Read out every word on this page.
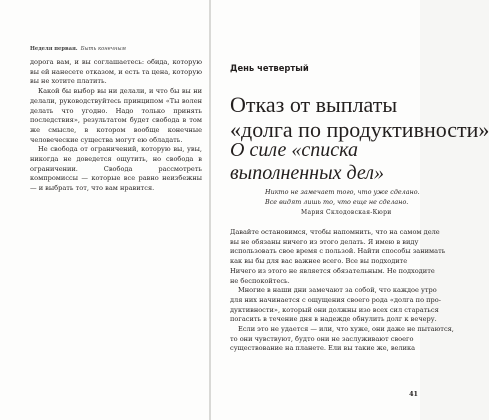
Неделя первая. Быть конечным

дорога вам, и вы соглашаетесь: обида, которую вы ей нанесете отказом, и есть та цена, которую вы не хотите платить.

Какой бы выбор вы ни делали, и что бы вы ни делали, руководствуйтесь принципом «Ты волен делать что угодно. Надо только принять последствия», результатом будет свобода в том же смысле, в котором вообще конечные человеческие существа могут ею обладать.

Не свобода от ограничений, которую вы, увы, никогда не доведется ощутить, но свобода в ограничении. Свобода рассмотреть компромиссы — которые все равно неизбежны — и выбрать тот, что вам нравится.

День четвертый
Отказ от выплаты
«долга по продуктивности»
О силе «списка
выполненных дел»
Никто не замечает того, что уже сделано.
Все видят лишь то, что еще не сделано.
Мария Склодовская-Кюри
Давайте остановимся, чтобы напомнить, что на самом деле
вы не обязаны ничего из этого делать. Я имею в виду
использовать свое время с пользой. Найти способы занимать
как вы бы для вас важнее всего. Все вы подходите
Ничего из этого не является обязательным. Не подходите
не беспокойтесь.
Многие в наши дни замечают за собой, что каждое утро
для них начинается с ощущения своего рода «долга по про-
дуктивности», который они должны изо всех сил стараться
погасить в течение дня в надежде обнулить долг к вечеру.
Если это не удается — или, что хуже, они даже не пытаются,
то они чувствуют, будто они не заслуживают своего
существование на планете. Ели вы такие же, велика
41
